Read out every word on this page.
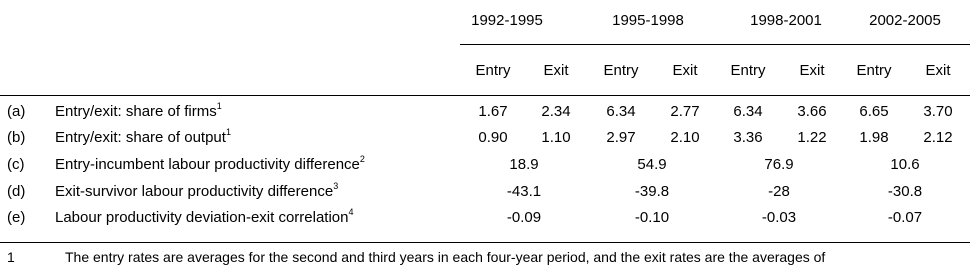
1992-1995	1995-1998	1998-2001	2002-2005
Entry	Exit	Entry	Exit	Entry	Exit	Entry	Exit
(a) Entry/exit: share of firms$^1$	1.67	2.34	6.34	2.77	6.34	3.66	6.65	3.70
(b) Entry/exit: share of output$^1$	0.90	1.10	2.97	2.10	3.36	1.22	1.98	2.12
(c) Entry-incumbent labour productivity difference$^2$	18.9	54.9	76.9	10.6
(d) Exit-survivor labour productivity difference$^3$	-43.1	-39.8	-28	-30.8
(e) Labour productivity deviation-exit correlation$^4$	-0.09	-0.10	-0.03	-0.07
1	The entry rates are averages for the second and third years in each four-year period, and the exit rates are the averages of
